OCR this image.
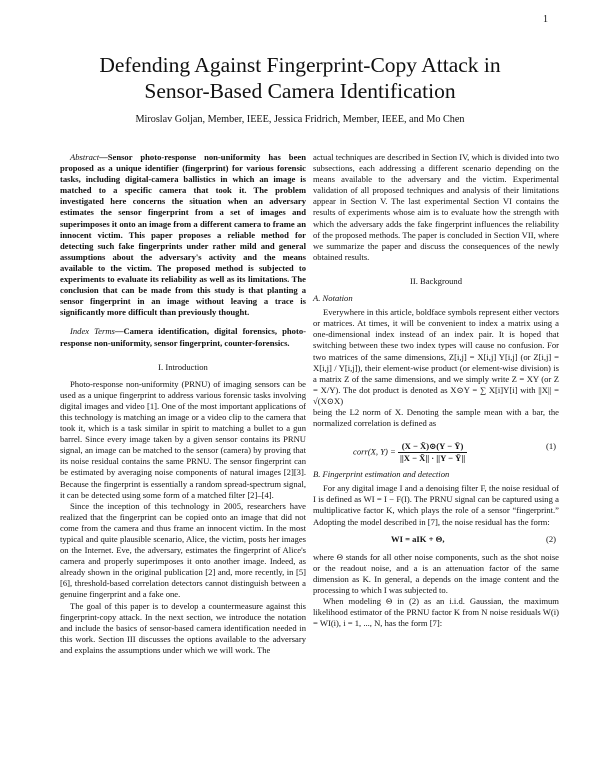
1
Defending Against Fingerprint-Copy Attack in
Sensor-Based Camera Identification
Miroslav Goljan, Member, IEEE, Jessica Fridrich, Member, IEEE, and Mo Chen

Abstract—Sensor photo-response non-uniformity has been proposed as a unique identifier (fingerprint) for various forensic tasks, including digital-camera ballistics in which an image is matched to a specific camera that took it. The problem investigated here concerns the situation when an adversary estimates the sensor fingerprint from a set of images and superimposes it onto an image from a different camera to frame an innocent victim. This paper proposes a reliable method for detecting such fake fingerprints under rather mild and general assumptions about the adversary's activity and the means available to the victim. The proposed method is subjected to experiments to evaluate its reliability as well as its limitations. The conclusion that can be made from this study is that planting a sensor fingerprint in an image without leaving a trace is significantly more difficult than previously thought.

Index Terms—Camera identification, digital forensics, photo-response non-uniformity, sensor fingerprint, counter-forensics.

I. Introduction

Photo-response non-uniformity (PRNU) of imaging sensors can be used as a unique fingerprint to address various forensic tasks involving digital images and video [1]. One of the most important applications of this technology is matching an image or a video clip to the camera that took it, which is a task similar in spirit to matching a bullet to a gun barrel. Since every image taken by a given sensor contains its PRNU signal, an image can be matched to the sensor (camera) by proving that its noise residual contains the same PRNU. The sensor fingerprint can be estimated by averaging noise components of natural images [2][3]. Because the fingerprint is essentially a random spread-spectrum signal, it can be detected using some form of a matched filter [2]–[4].

Since the inception of this technology in 2005, researchers have realized that the fingerprint can be copied onto an image that did not come from the camera and thus frame an innocent victim. In the most typical and quite plausible scenario, Alice, the victim, posts her images on the Internet. Eve, the adversary, estimates the fingerprint of Alice's camera and properly superimposes it onto another image. Indeed, as already shown in the original publication [2] and, more recently, in [5][6], threshold-based correlation detectors cannot distinguish between a genuine fingerprint and a fake one.

The goal of this paper is to develop a countermeasure against this fingerprint-copy attack. In the next section, we introduce the notation and include the basics of sensor-based camera identification needed in this work. Section III discusses the options available to the adversary and explains the assumptions under which we will work. The

actual techniques are described in Section IV, which is divided into two subsections, each addressing a different scenario depending on the means available to the adversary and the victim. Experimental validation of all proposed techniques and analysis of their limitations appear in Section V. The last experimental Section VI contains the results of experiments whose aim is to evaluate how the strength with which the adversary adds the fake fingerprint influences the reliability of the proposed methods. The paper is concluded in Section VII, where we summarize the paper and discuss the consequences of the newly obtained results.

II. Background

A. Notation

Everywhere in this article, boldface symbols represent either vectors or matrices. At times, it will be convenient to index a matrix using a one-dimensional index instead of an index pair. It is hoped that switching between these two index types will cause no confusion. For two matrices of the same dimensions, Z[i,j] = X[i,j] Y[i,j] (or Z[i,j] = X[i,j] / Y[i,j]), their element-wise product (or element-wise division) is a matrix Z of the same dimensions, and we simply write Z = XY (or Z = X/Y). The dot product is denoted as X⊙Y = ∑ X[i]Y[i] with ||X|| = √(X⊙X)

being the L2 norm of X. Denoting the sample mean with a bar, the normalized correlation is defined as

corr(X, $Y) = \frac{(X - X̄)⊙(Y - Ȳ)}{||X - X̄|| \cdot ||Y - Ȳ||}$	(1)

B. Fingerprint estimation and detection

For any digital image I and a denoising filter F, the noise residual of I is defined as WI = I − F(I). The PRNU signal can be captured using a multiplicative factor K, which plays the role of a sensor “fingerprint.” Adopting the model described in [7], the noise residual has the form:

WI = aIK + Θ,	(2)

where Θ stands for all other noise components, such as the shot noise or the readout noise, and a is an attenuation factor of the same dimension as K. In general, a depends on the image content and the processing to which I was subjected to.

When modeling Θ in (2) as an i.i.d. Gaussian, the maximum likelihood estimator of the PRNU factor K from N noise residuals W(i) = WI(i), i = 1, ..., N, has the form [7]:
